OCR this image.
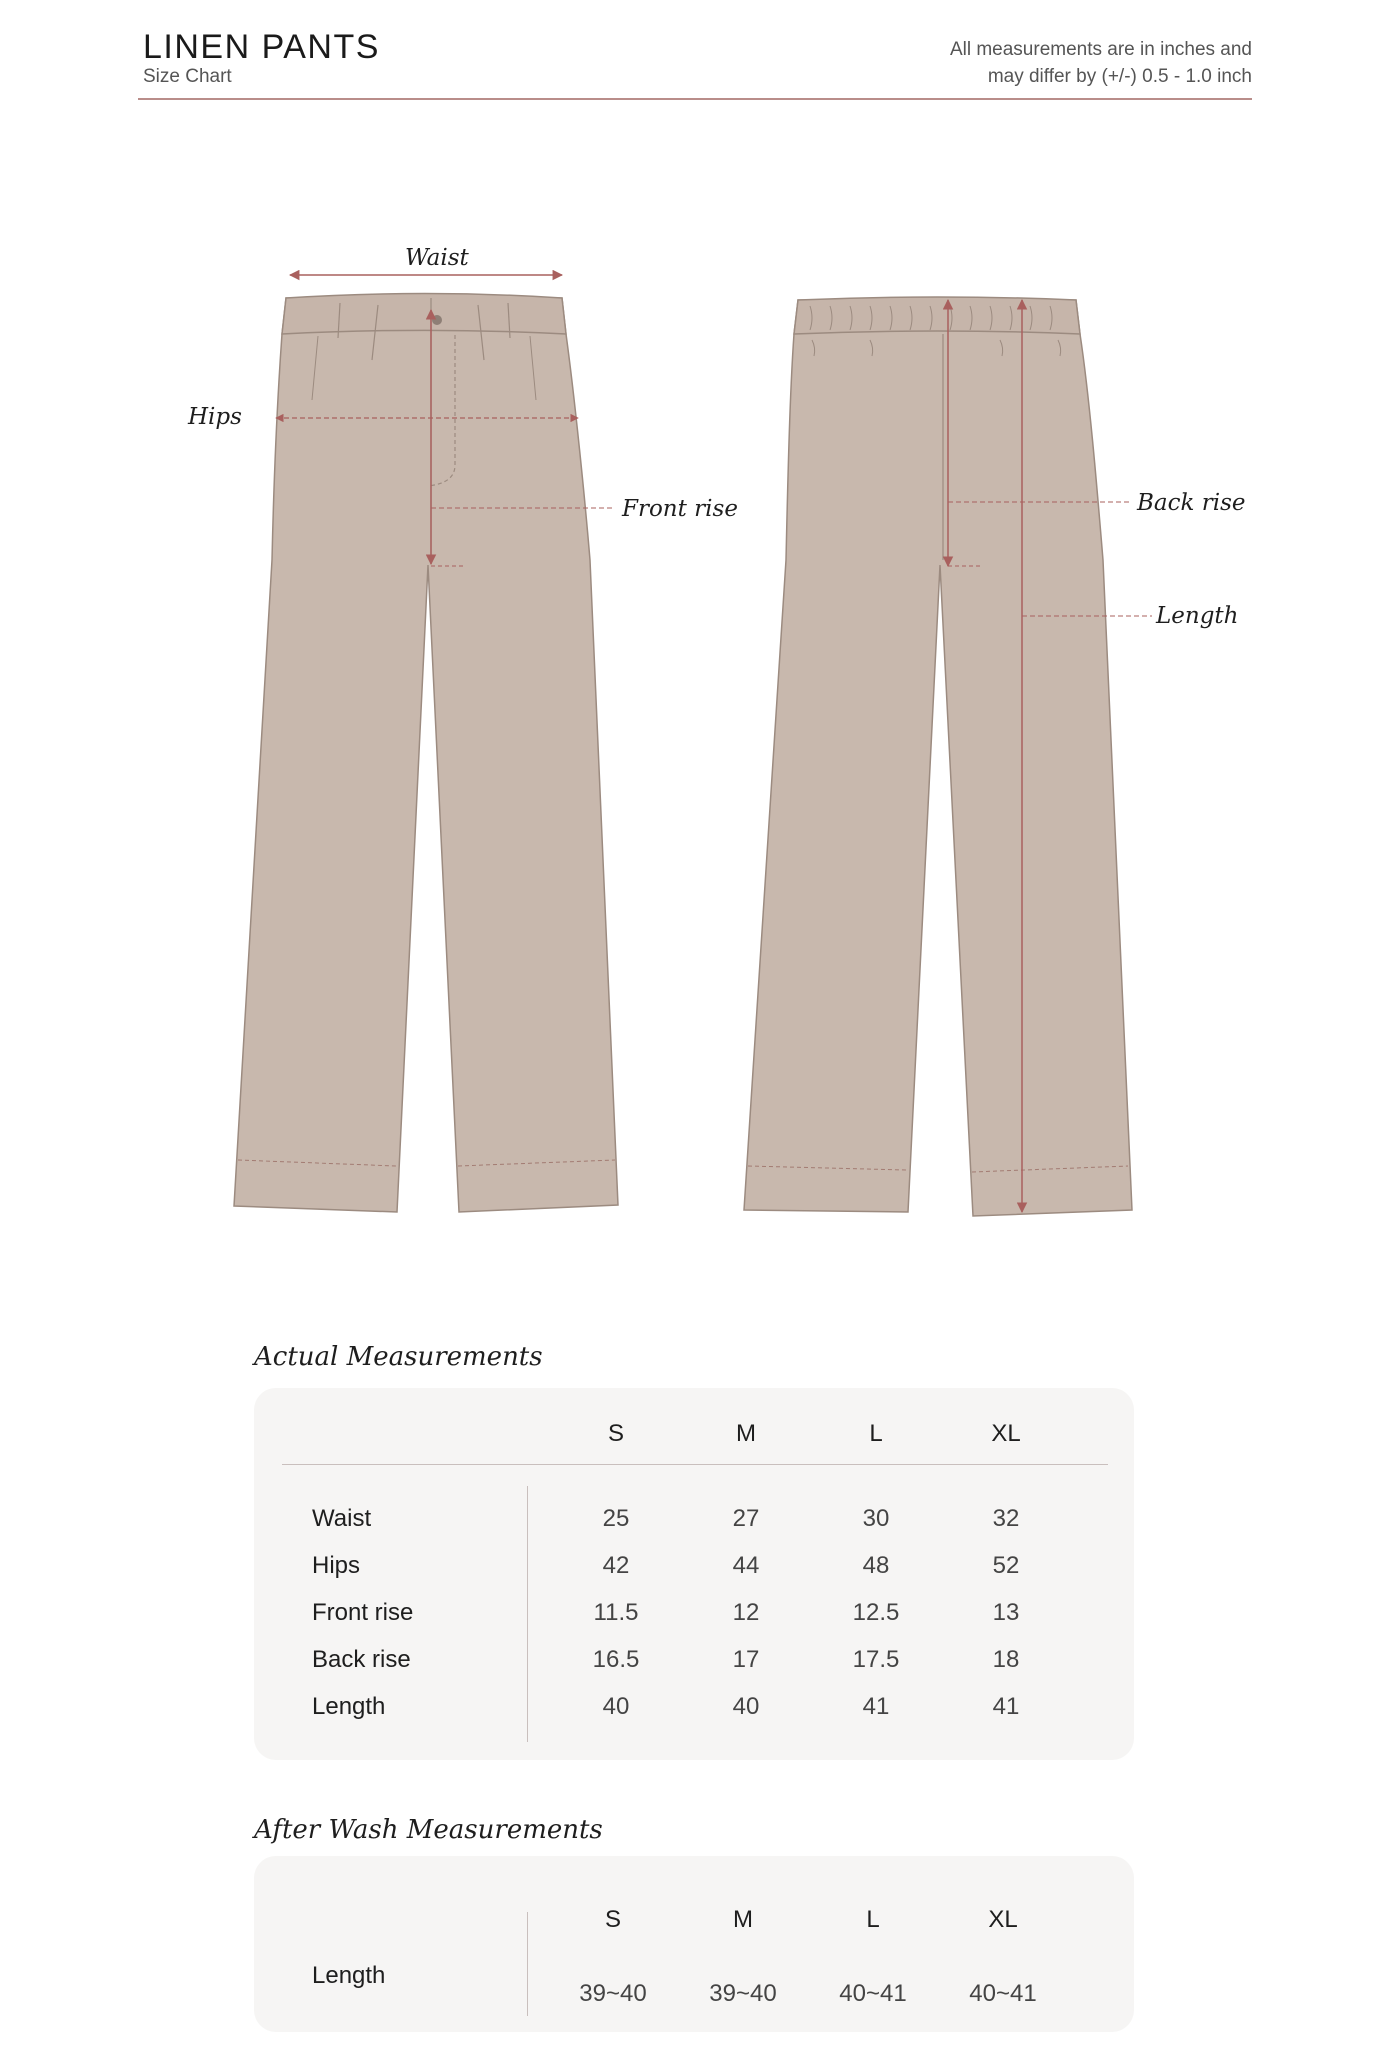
LINEN PANTS
Size Chart
All measurements are in inches and
may differ by (+/-) 0.5 - 1.0 inch
Waist
Hips
Front rise	Back rise
Length
Actual Measurements
S	M	L	XL
Waist	25	27	30	32
Hips	42	44	48	52
Front rise	11.5	12	12.5	13
Back rise	16.5	17	17.5	18
Length	40	40	41	41
After Wash Measurements
S	M	L	XL
Length
39~40	39~40	40~41	40~41
